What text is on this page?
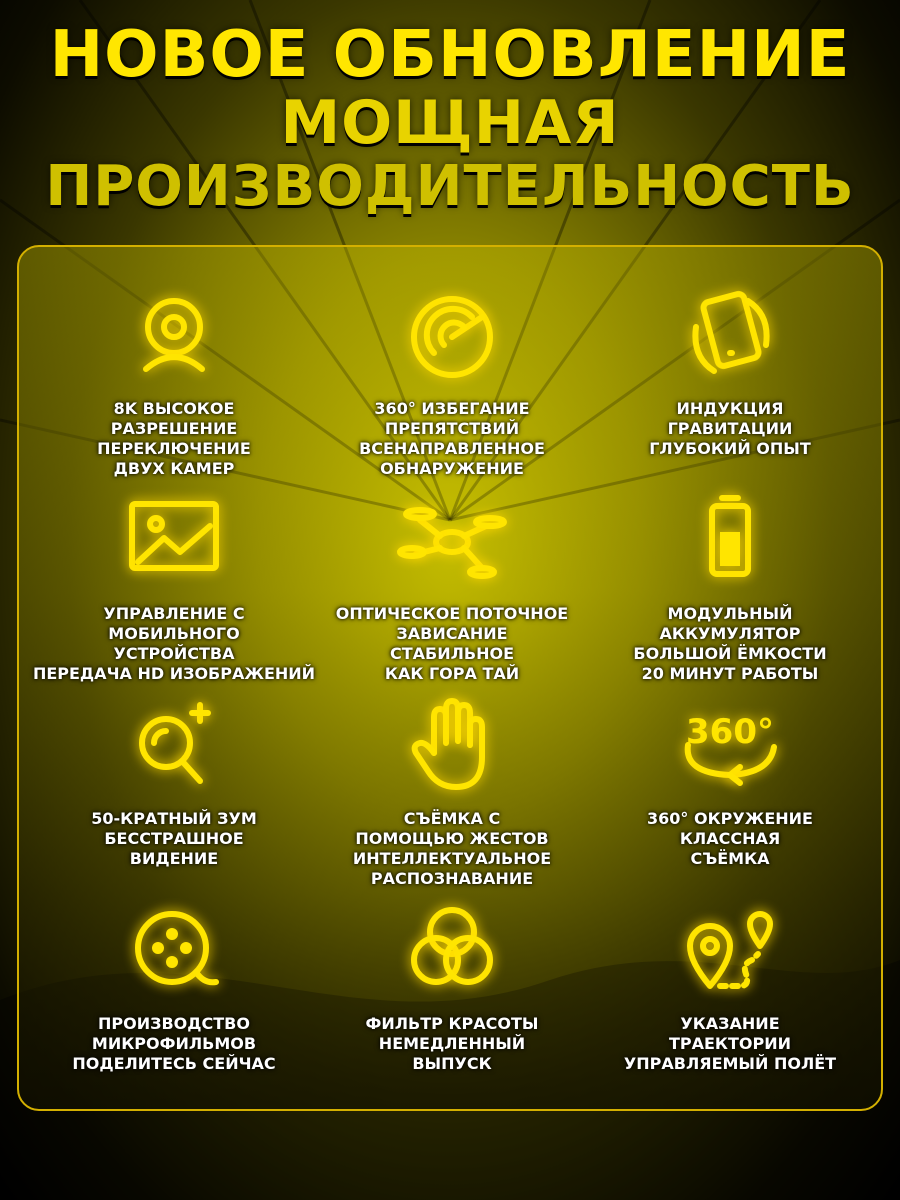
НОВОЕ ОБНОВЛЕНИЕ
МОЩНАЯ
ПРОИЗВОДИТЕЛЬНОСТЬ
8K ВЫСОКОЕ
РАЗРЕШЕНИЕ
ПЕРЕКЛЮЧЕНИЕ
ДВУХ КАМЕР
360° ИЗБЕГАНИЕ
ПРЕПЯТСТВИЙ
ВСЕНАПРАВЛЕННОЕ
ОБНАРУЖЕНИЕ
ИНДУКЦИЯ
ГРАВИТАЦИИ
ГЛУБОКИЙ ОПЫТ
УПРАВЛЕНИЕ С
МОБИЛЬНОГО
УСТРОЙСТВА
ПЕРЕДАЧА HD ИЗОБРАЖЕНИЙ
ОПТИЧЕСКОЕ ПОТОЧНОЕ
ЗАВИСАНИЕ
СТАБИЛЬНОЕ
КАК ГОРА ТАЙ
МОДУЛЬНЫЙ
АККУМУЛЯТОР
БОЛЬШОЙ ЁМКОСТИ
20 МИНУТ РАБОТЫ
50-КРАТНЫЙ ЗУМ
БЕССТРАШНОЕ
ВИДЕНИЕ
СЪЁМКА С
ПОМОЩЬЮ ЖЕСТОВ
ИНТЕЛЛЕКТУАЛЬНОЕ
РАСПОЗНАВАНИЕ
360°
360° ОКРУЖЕНИЕ
КЛАССНАЯ
СЪЁМКА
ПРОИЗВОДСТВО
МИКРОФИЛЬМОВ
ПОДЕЛИТЕСЬ СЕЙЧАС
ФИЛЬТР КРАСОТЫ
НЕМЕДЛЕННЫЙ
ВЫПУСК
УКАЗАНИЕ
ТРАЕКТОРИИ
УПРАВЛЯЕМЫЙ ПОЛЁТ
